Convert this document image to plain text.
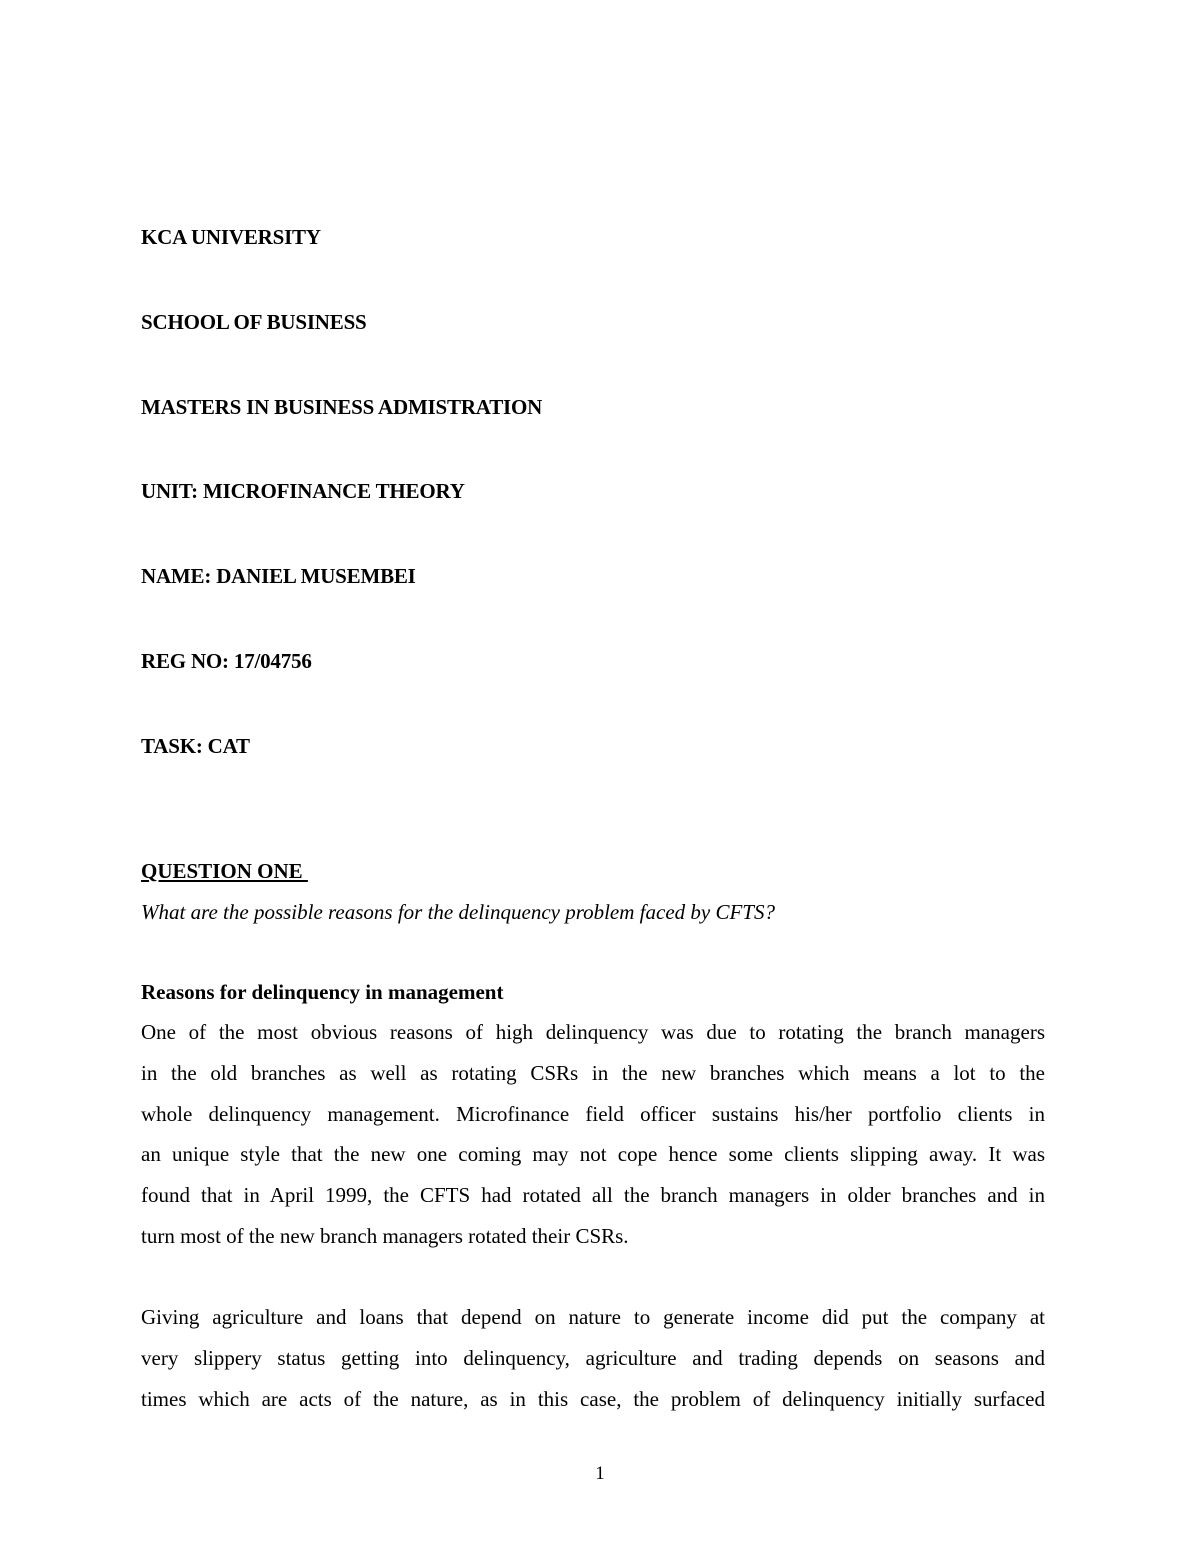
KCA UNIVERSITY
SCHOOL OF BUSINESS
MASTERS IN BUSINESS ADMISTRATION
UNIT: MICROFINANCE THEORY
NAME: DANIEL MUSEMBEI
REG NO: 17/04756
TASK: CAT
QUESTION ONE
What are the possible reasons for the delinquency problem faced by CFTS?
Reasons for delinquency in management
One of the most obvious reasons of high delinquency was due to rotating the branch managers
in the old branches as well as rotating CSRs in the new branches which means a lot to the
whole delinquency management. Microfinance field officer sustains his/her portfolio clients in
an unique style that the new one coming may not cope hence some clients slipping away. It was
found that in April 1999, the CFTS had rotated all the branch managers in older branches and in
turn most of the new branch managers rotated their CSRs.
Giving agriculture and loans that depend on nature to generate income did put the company at
very slippery status getting into delinquency, agriculture and trading depends on seasons and
times which are acts of the nature, as in this case, the problem of delinquency initially surfaced
1
